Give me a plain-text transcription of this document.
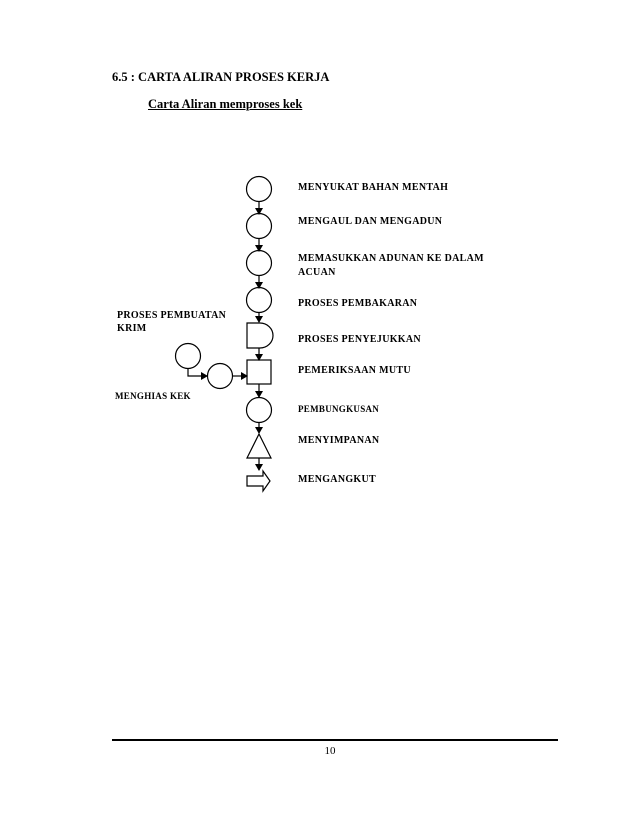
6.5 : CARTA ALIRAN PROSES KERJA
Carta Aliran memproses kek
MENYUKAT BAHAN MENTAH
MENGAUL DAN MENGADUN
MEMASUKKAN ADUNAN KE DALAM ACUAN
PROSES PEMBAKARAN
PROSES PENYEJUKKAN
PEMERIKSAAN MUTU
PEMBUNGKUSAN
MENYIMPANAN
MENGANGKUT
PROSES PEMBUATAN KRIM
MENGHIAS KEK
10
